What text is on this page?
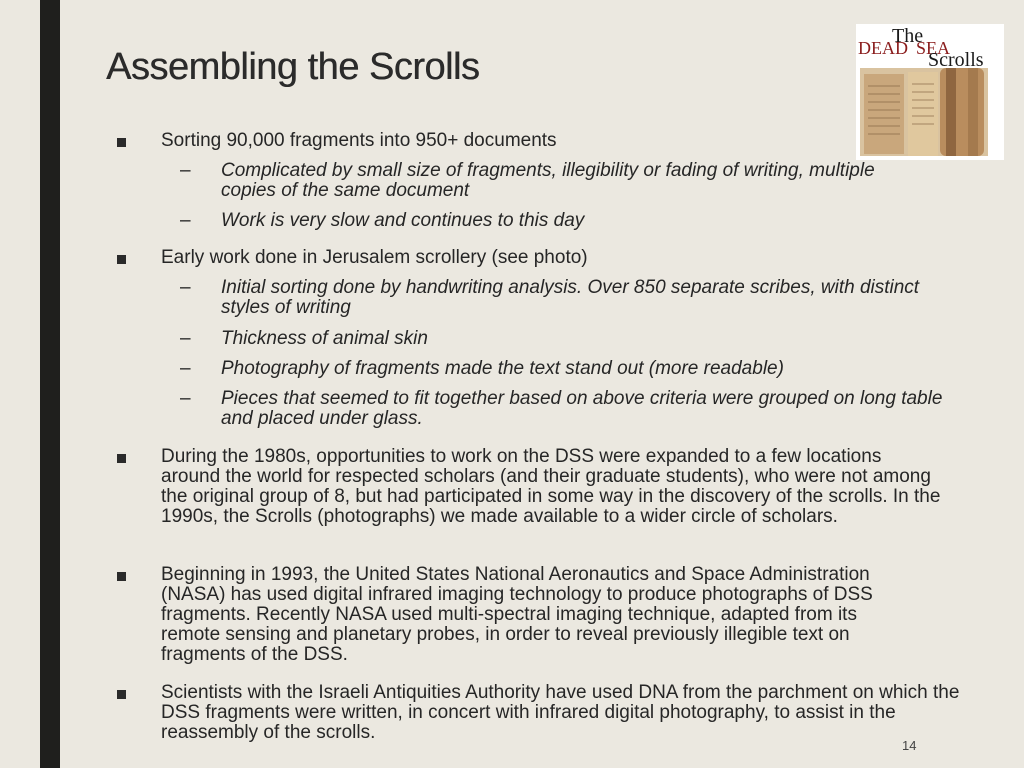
Assembling the Scrolls
The
DEAD SEA
Scrolls
Sorting 90,000 fragments into 950+ documents
– Complicated by small size of fragments, illegibility or fading of writing, multiple copies of the same document
– Work is very slow and continues to this day
Early work done in Jerusalem scrollery (see photo)
– Initial sorting done by handwriting analysis. Over 850 separate scribes, with distinct styles of writing
– Thickness of animal skin
– Photography of fragments made the text stand out (more readable)
– Pieces that seemed to fit together based on above criteria were grouped on long table and placed under glass.
During the 1980s, opportunities to work on the DSS were expanded to a few locations around the world for respected scholars (and their graduate students), who were not among the original group of 8, but had participated in some way in the discovery of the scrolls. In the 1990s, the Scrolls (photographs) we made available to a wider circle of scholars.
Beginning in 1993, the United States National Aeronautics and Space Administration (NASA) has used digital infrared imaging technology to produce photographs of DSS fragments. Recently NASA used multi-spectral imaging technique, adapted from its remote sensing and planetary probes, in order to reveal previously illegible text on fragments of the DSS.
Scientists with the Israeli Antiquities Authority have used DNA from the parchment on which the DSS fragments were written, in concert with infrared digital photography, to assist in the reassembly of the scrolls.
14
